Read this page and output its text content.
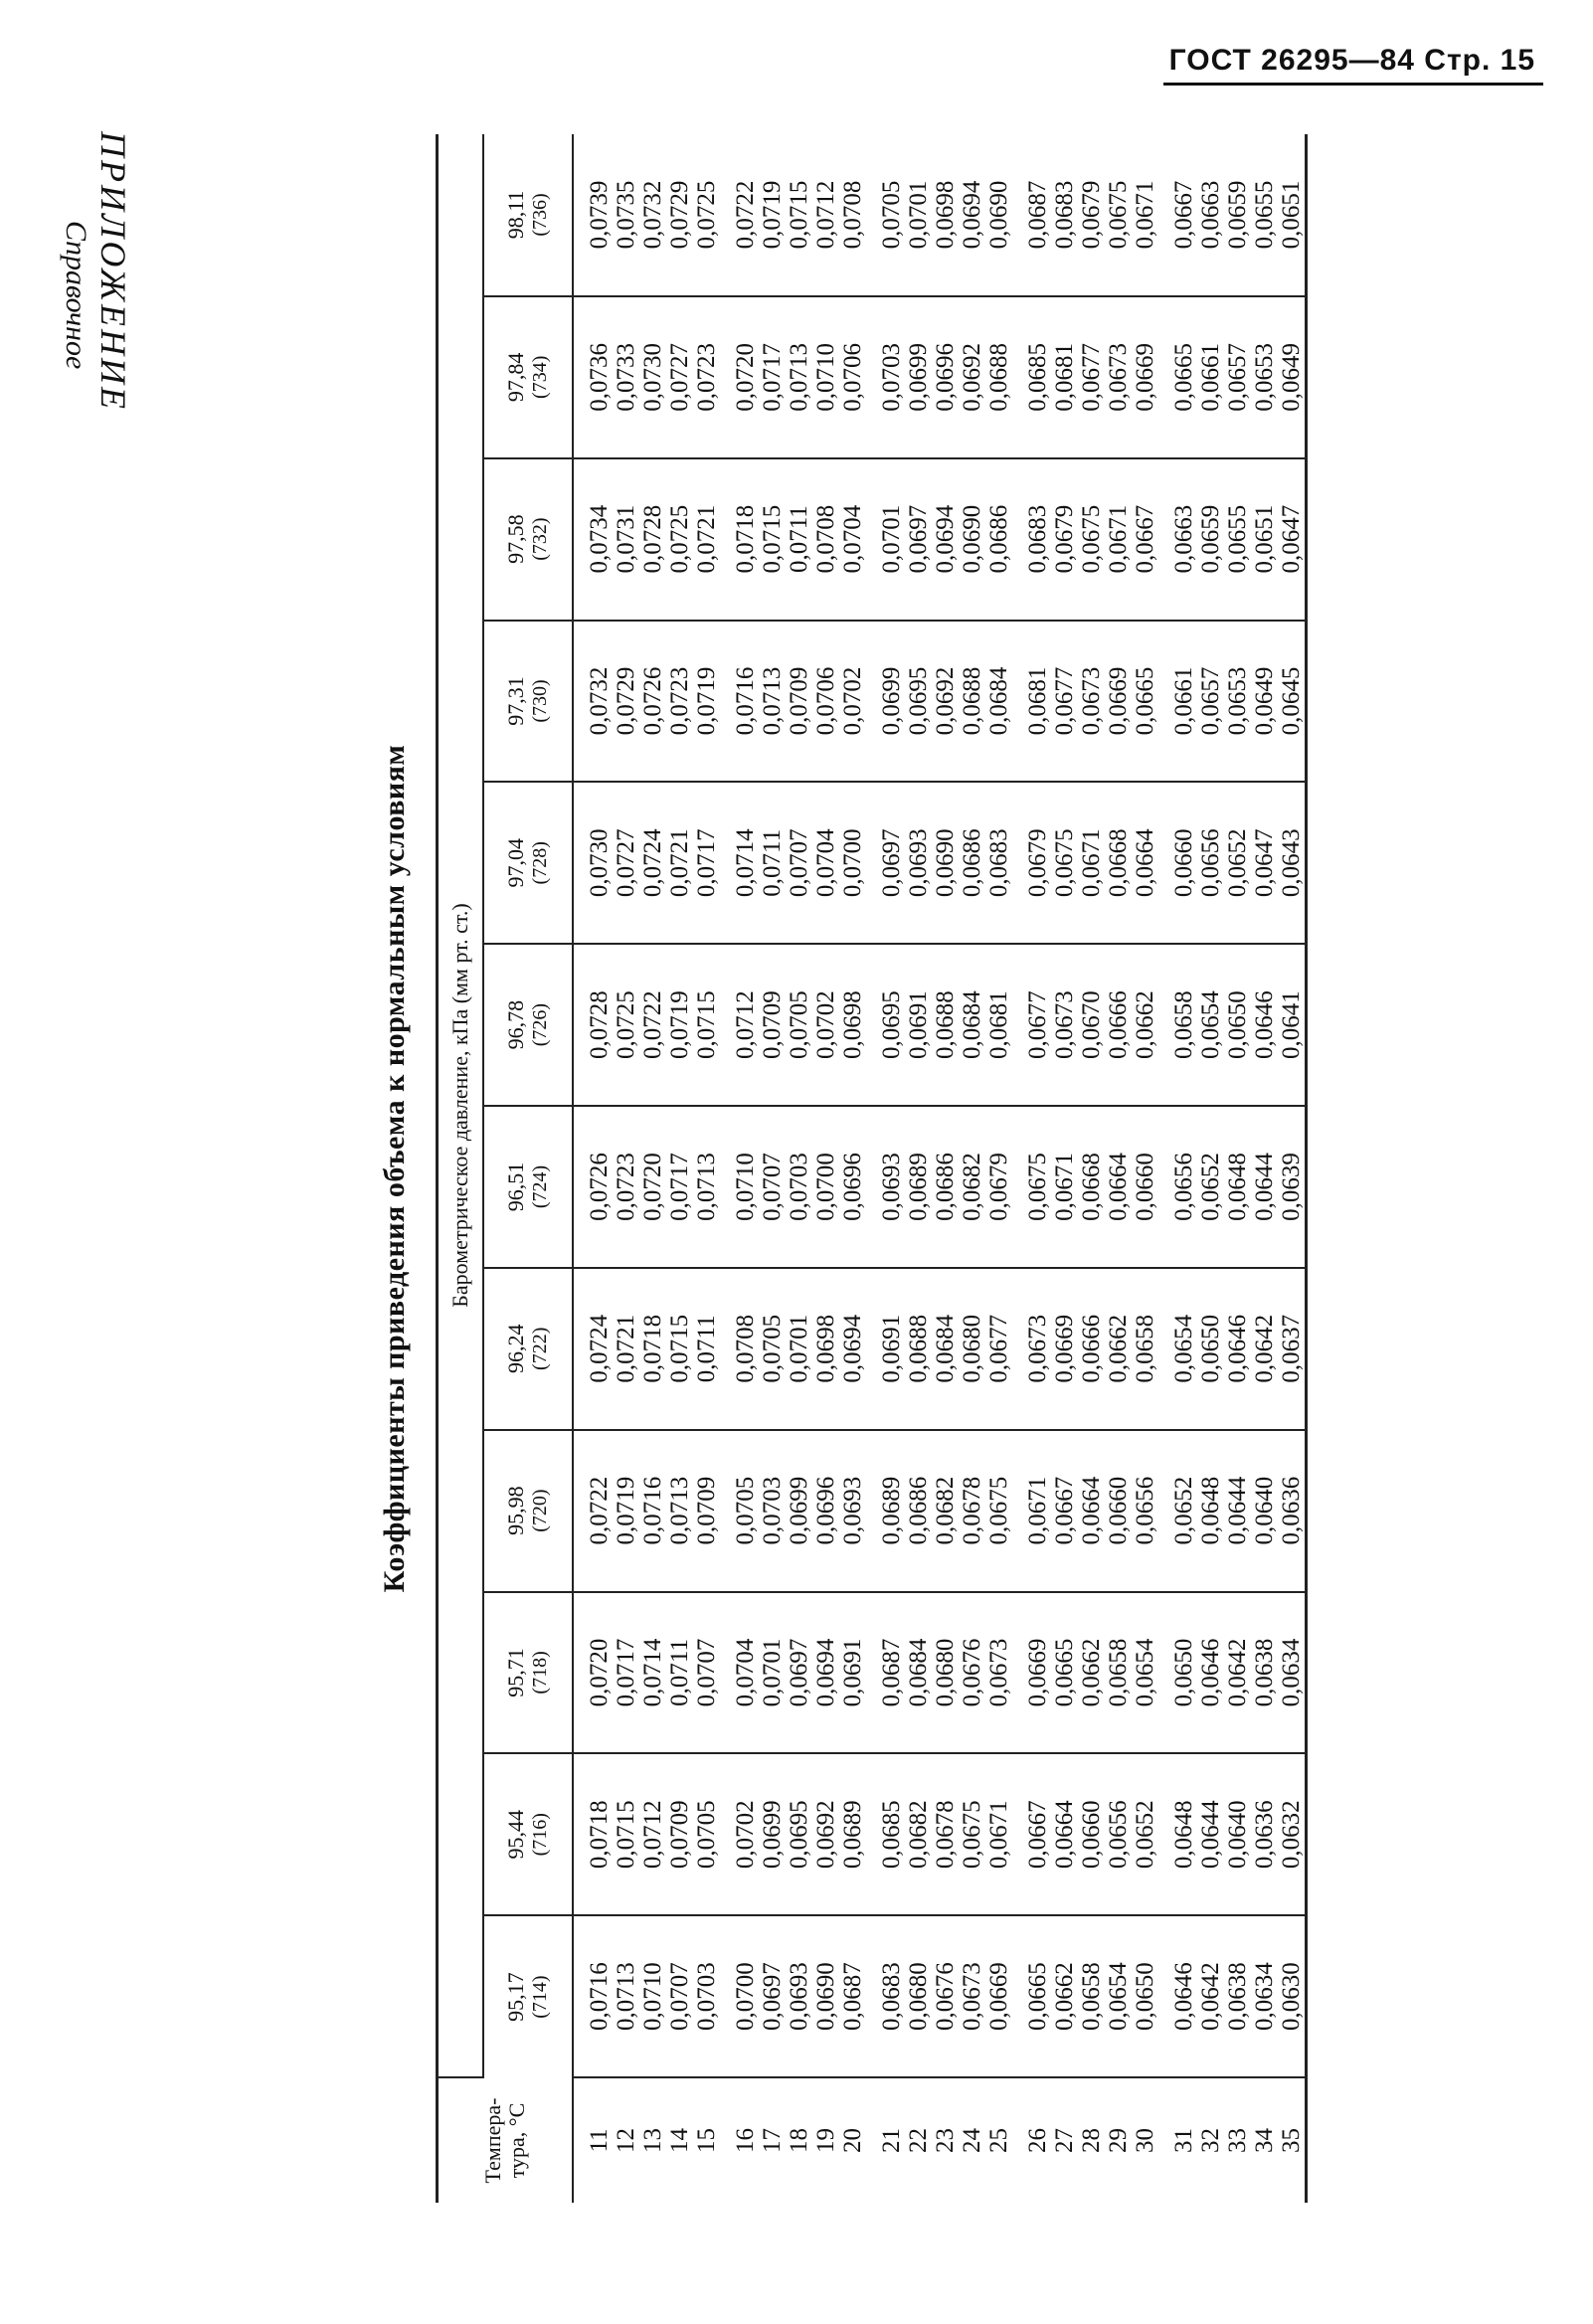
ГОСТ 26295—84 Стр. 15
ПРИЛОЖЕНИЕ
Справочное
Коэффициенты приведения объема к нормальным условиям
Темпера-тура, °С	Барометрическое давление, кПа (мм рт. ст.)											

	95,17 (714)	95,44 (716)	95,71 (718)	95,98 (720)	96,24 (722)	96,51 (724)	96,78 (726)	97,04 (728)	97,31 (730)	97,58 (732)	97,84 (734)	98,11 (736)

11	0,0716	0,0718	0,0720	0,0722	0,0724	0,0726	0,0728	0,0730	0,0732	0,0734	0,0736	0,0739
12	0,0713	0,0715	0,0717	0,0719	0,0721	0,0723	0,0725	0,0727	0,0729	0,0731	0,0733	0,0735
13	0,0710	0,0712	0,0714	0,0716	0,0718	0,0720	0,0722	0,0724	0,0726	0,0728	0,0730	0,0732
14	0,0707	0,0709	0,0711	0,0713	0,0715	0,0717	0,0719	0,0721	0,0723	0,0725	0,0727	0,0729
15	0,0703	0,0705	0,0707	0,0709	0,0711	0,0713	0,0715	0,0717	0,0719	0,0721	0,0723	0,0725
16	0,0700	0,0702	0,0704	0,0705	0,0708	0,0710	0,0712	0,0714	0,0716	0,0718	0,0720	0,0722
17	0,0697	0,0699	0,0701	0,0703	0,0705	0,0707	0,0709	0,0711	0,0713	0,0715	0,0717	0,0719
18	0,0693	0,0695	0,0697	0,0699	0,0701	0,0703	0,0705	0,0707	0,0709	0,0711	0,0713	0,0715
19	0,0690	0,0692	0,0694	0,0696	0,0698	0,0700	0,0702	0,0704	0,0706	0,0708	0,0710	0,0712
20	0,0687	0,0689	0,0691	0,0693	0,0694	0,0696	0,0698	0,0700	0,0702	0,0704	0,0706	0,0708
21	0,0683	0,0685	0,0687	0,0689	0,0691	0,0693	0,0695	0,0697	0,0699	0,0701	0,0703	0,0705
22	0,0680	0,0682	0,0684	0,0686	0,0688	0,0689	0,0691	0,0693	0,0695	0,0697	0,0699	0,0701
23	0,0676	0,0678	0,0680	0,0682	0,0684	0,0686	0,0688	0,0690	0,0692	0,0694	0,0696	0,0698
24	0,0673	0,0675	0,0676	0,0678	0,0680	0,0682	0,0684	0,0686	0,0688	0,0690	0,0692	0,0694
25	0,0669	0,0671	0,0673	0,0675	0,0677	0,0679	0,0681	0,0683	0,0684	0,0686	0,0688	0,0690
26	0,0665	0,0667	0,0669	0,0671	0,0673	0,0675	0,0677	0,0679	0,0681	0,0683	0,0685	0,0687
27	0,0662	0,0664	0,0665	0,0667	0,0669	0,0671	0,0673	0,0675	0,0677	0,0679	0,0681	0,0683
28	0,0658	0,0660	0,0662	0,0664	0,0666	0,0668	0,0670	0,0671	0,0673	0,0675	0,0677	0,0679
29	0,0654	0,0656	0,0658	0,0660	0,0662	0,0664	0,0666	0,0668	0,0669	0,0671	0,0673	0,0675
30	0,0650	0,0652	0,0654	0,0656	0,0658	0,0660	0,0662	0,0664	0,0665	0,0667	0,0669	0,0671
31	0,0646	0,0648	0,0650	0,0652	0,0654	0,0656	0,0658	0,0660	0,0661	0,0663	0,0665	0,0667
32	0,0642	0,0644	0,0646	0,0648	0,0650	0,0652	0,0654	0,0656	0,0657	0,0659	0,0661	0,0663
33	0,0638	0,0640	0,0642	0,0644	0,0646	0,0648	0,0650	0,0652	0,0653	0,0655	0,0657	0,0659
34	0,0634	0,0636	0,0638	0,0640	0,0642	0,0644	0,0646	0,0647	0,0649	0,0651	0,0653	0,0655
35	0,0630	0,0632	0,0634	0,0636	0,0637	0,0639	0,0641	0,0643	0,0645	0,0647	0,0649	0,0651
